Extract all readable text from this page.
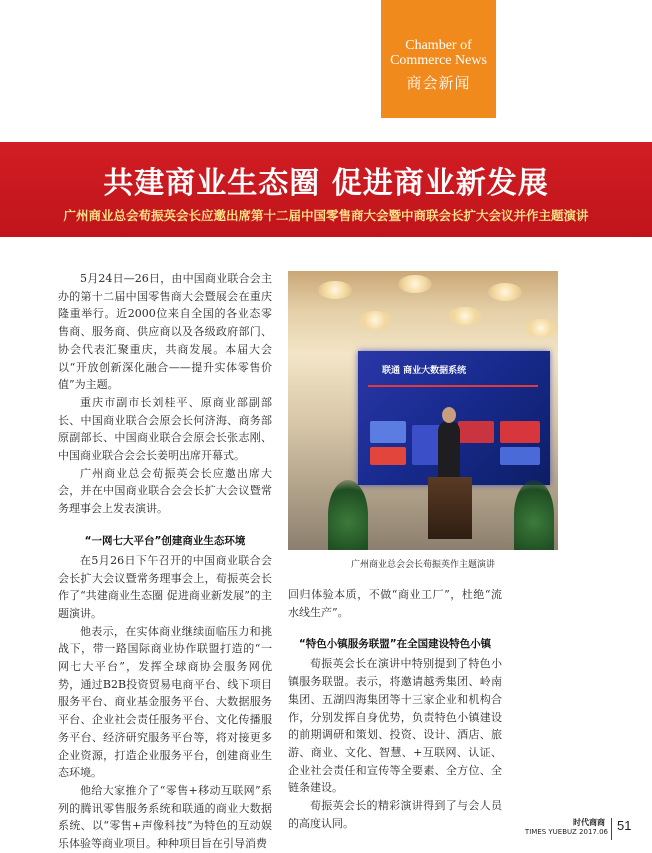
Chamber of
Commerce News
商会新闻
共建商业生态圈 促进商业新发展
广州商业总会荀振英会长应邀出席第十二届中国零售商大会暨中商联会长扩大会议并作主题演讲

5月24日—26日，由中国商业联合会主办的第十二届中国零售商大会暨展会在重庆隆重举行。近2000位来自全国的各业态零售商、服务商、供应商以及各级政府部门、协会代表汇聚重庆，共商发展。本届大会以“开放创新深化融合——提升实体零售价值”为主题。

重庆市副市长刘桂平、原商业部副部长、中国商业联合会原会长何济海、商务部原副部长、中国商业联合会原会长张志刚、中国商业联合会会长姜明出席开幕式。

广州商业总会荀振英会长应邀出席大会，并在中国商业联合会会长扩大会议暨常务理事会上发表演讲。

“一网七大平台”创建商业生态环境

在5月26日下午召开的中国商业联合会会长扩大会议暨常务理事会上，荀振英会长作了“共建商业生态圈 促进商业新发展”的主题演讲。

他表示，在实体商业继续面临压力和挑战下，带一路国际商业协作联盟打造的“一网七大平台”，发挥全球商协会服务网优势，通过B2B投资贸易电商平台、线下项目服务平台、商业基金服务平台、大数据服务平台、企业社会责任服务平台、文化传播服务平台、经济研究服务平台等，将对接更多企业资源，打造企业服务平台，创建商业生态环境。

他给大家推介了“零售+移动互联网”系列的腾讯零售服务系统和联通的商业大数据系统、以“零售+声像科技”为特色的互动娱乐体验等商业项目。种种项目旨在引导消费

联通 商业大数据系统
广州商业总会会长荀振英作主题演讲

回归体验本质，不做“商业工厂”，杜绝“流水线生产”。

“特色小镇服务联盟”在全国建设特色小镇

荀振英会长在演讲中特别提到了特色小镇服务联盟。表示，将邀请越秀集团、岭南集团、五湖四海集团等十三家企业和机构合作，分别发挥自身优势，负责特色小镇建设的前期调研和策划、投资、设计、酒店、旅游、商业、文化、智慧、+互联网、认证、企业社会责任和宣传等全要素、全方位、全链条建设。

荀振英会长的精彩演讲得到了与会人员的高度认同。	时代商商
TIMES YUEBUZ 2017.06 51
